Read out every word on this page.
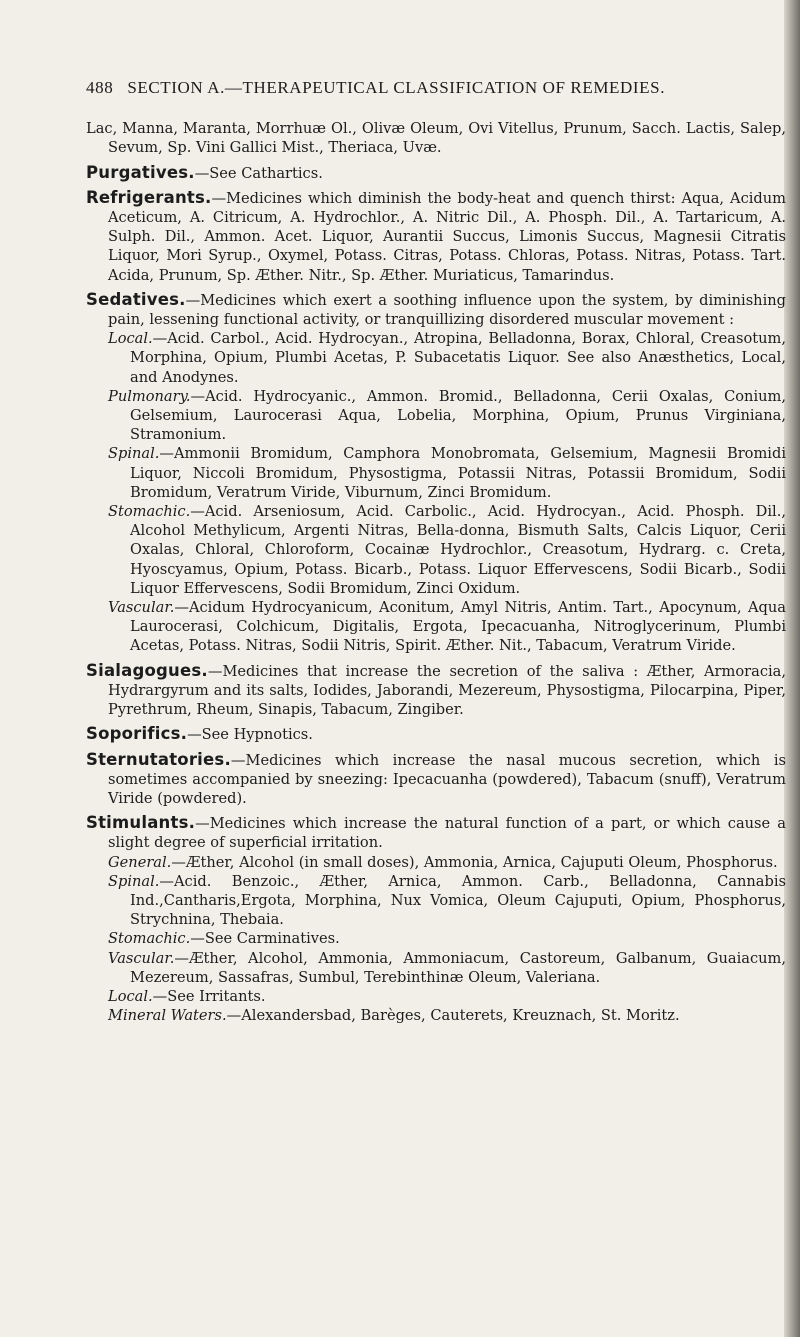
488 SECTION A.—THERAPEUTICAL CLASSIFICATION OF REMEDIES.

Lac, Manna, Maranta, Morrhuæ Ol., Olivæ Oleum, Ovi Vitellus, Prunum, Sacch. Lactis, Salep, Sevum, Sp. Vini Gallici Mist., Theriaca, Uvæ.

Purgatives.—See Cathartics.

Refrigerants.—Medicines which diminish the body-heat and quench thirst: Aqua, Acidum Aceticum, A. Citricum, A. Hydrochlor., A. Nitric Dil., A. Phosph. Dil., A. Tartaricum, A. Sulph. Dil., Ammon. Acet. Liquor, Aurantii Succus, Limonis Succus, Magnesii Citratis Liquor, Mori Syrup., Oxymel, Potass. Citras, Potass. Chloras, Potass. Nitras, Potass. Tart. Acida, Prunum, Sp. Æther. Nitr., Sp. Æther. Muriaticus, Tamarindus.

Sedatives.—Medicines which exert a soothing influence upon the system, by diminishing pain, lessening functional activity, or tranquillizing disordered muscular movement :

Local.—Acid. Carbol., Acid. Hydrocyan., Atropina, Belladonna, Borax, Chloral, Creasotum, Morphina, Opium, Plumbi Acetas, P. Subacetatis Liquor. See also Anæsthetics, Local, and Anodynes.

Pulmonary.—Acid. Hydrocyanic., Ammon. Bromid., Belladonna, Cerii Oxalas, Conium, Gelsemium, Laurocerasi Aqua, Lobelia, Morphina, Opium, Prunus Virginiana, Stramonium.

Spinal.—Ammonii Bromidum, Camphora Monobromata, Gelsemium, Magnesii Bromidi Liquor, Niccoli Bromidum, Physostigma, Potassii Nitras, Potassii Bromidum, Sodii Bromidum, Veratrum Viride, Viburnum, Zinci Bromidum.

Stomachic.—Acid. Arseniosum, Acid. Carbolic., Acid. Hydrocyan., Acid. Phosph. Dil., Alcohol Methylicum, Argenti Nitras, Bella-donna, Bismuth Salts, Calcis Liquor, Cerii Oxalas, Chloral, Chloroform, Cocainæ Hydrochlor., Creasotum, Hydrarg. c. Creta, Hyoscyamus, Opium, Potass. Bicarb., Potass. Liquor Effervescens, Sodii Bicarb., Sodii Liquor Effervescens, Sodii Bromidum, Zinci Oxidum.

Vascular.—Acidum Hydrocyanicum, Aconitum, Amyl Nitris, Antim. Tart., Apocynum, Aqua Laurocerasi, Colchicum, Digitalis, Ergota, Ipecacuanha, Nitroglycerinum, Plumbi Acetas, Potass. Nitras, Sodii Nitris, Spirit. Æther. Nit., Tabacum, Veratrum Viride.

Sialagogues.—Medicines that increase the secretion of the saliva : Æther, Armoracia, Hydrargyrum and its salts, Iodides, Jaborandi, Mezereum, Physostigma, Pilocarpina, Piper, Pyrethrum, Rheum, Sinapis, Tabacum, Zingiber.

Soporifics.—See Hypnotics.

Sternutatories.—Medicines which increase the nasal mucous secretion, which is sometimes accompanied by sneezing: Ipecacuanha (powdered), Tabacum (snuff), Veratrum Viride (powdered).

Stimulants.—Medicines which increase the natural function of a part, or which cause a slight degree of superficial irritation.

General.—Æther, Alcohol (in small doses), Ammonia, Arnica, Cajuputi Oleum, Phosphorus.

Spinal.—Acid. Benzoic., Æther, Arnica, Ammon. Carb., Belladonna, Cannabis Ind.,Cantharis,Ergota, Morphina, Nux Vomica, Oleum Cajuputi, Opium, Phosphorus, Strychnina, Thebaia.

Stomachic.—See Carminatives.

Vascular.—Æther, Alcohol, Ammonia, Ammoniacum, Castoreum, Galbanum, Guaiacum, Mezereum, Sassafras, Sumbul, Terebinthinæ Oleum, Valeriana.

Local.—See Irritants.

Mineral Waters.—Alexandersbad, Barèges, Cauterets, Kreuznach, St. Moritz.
